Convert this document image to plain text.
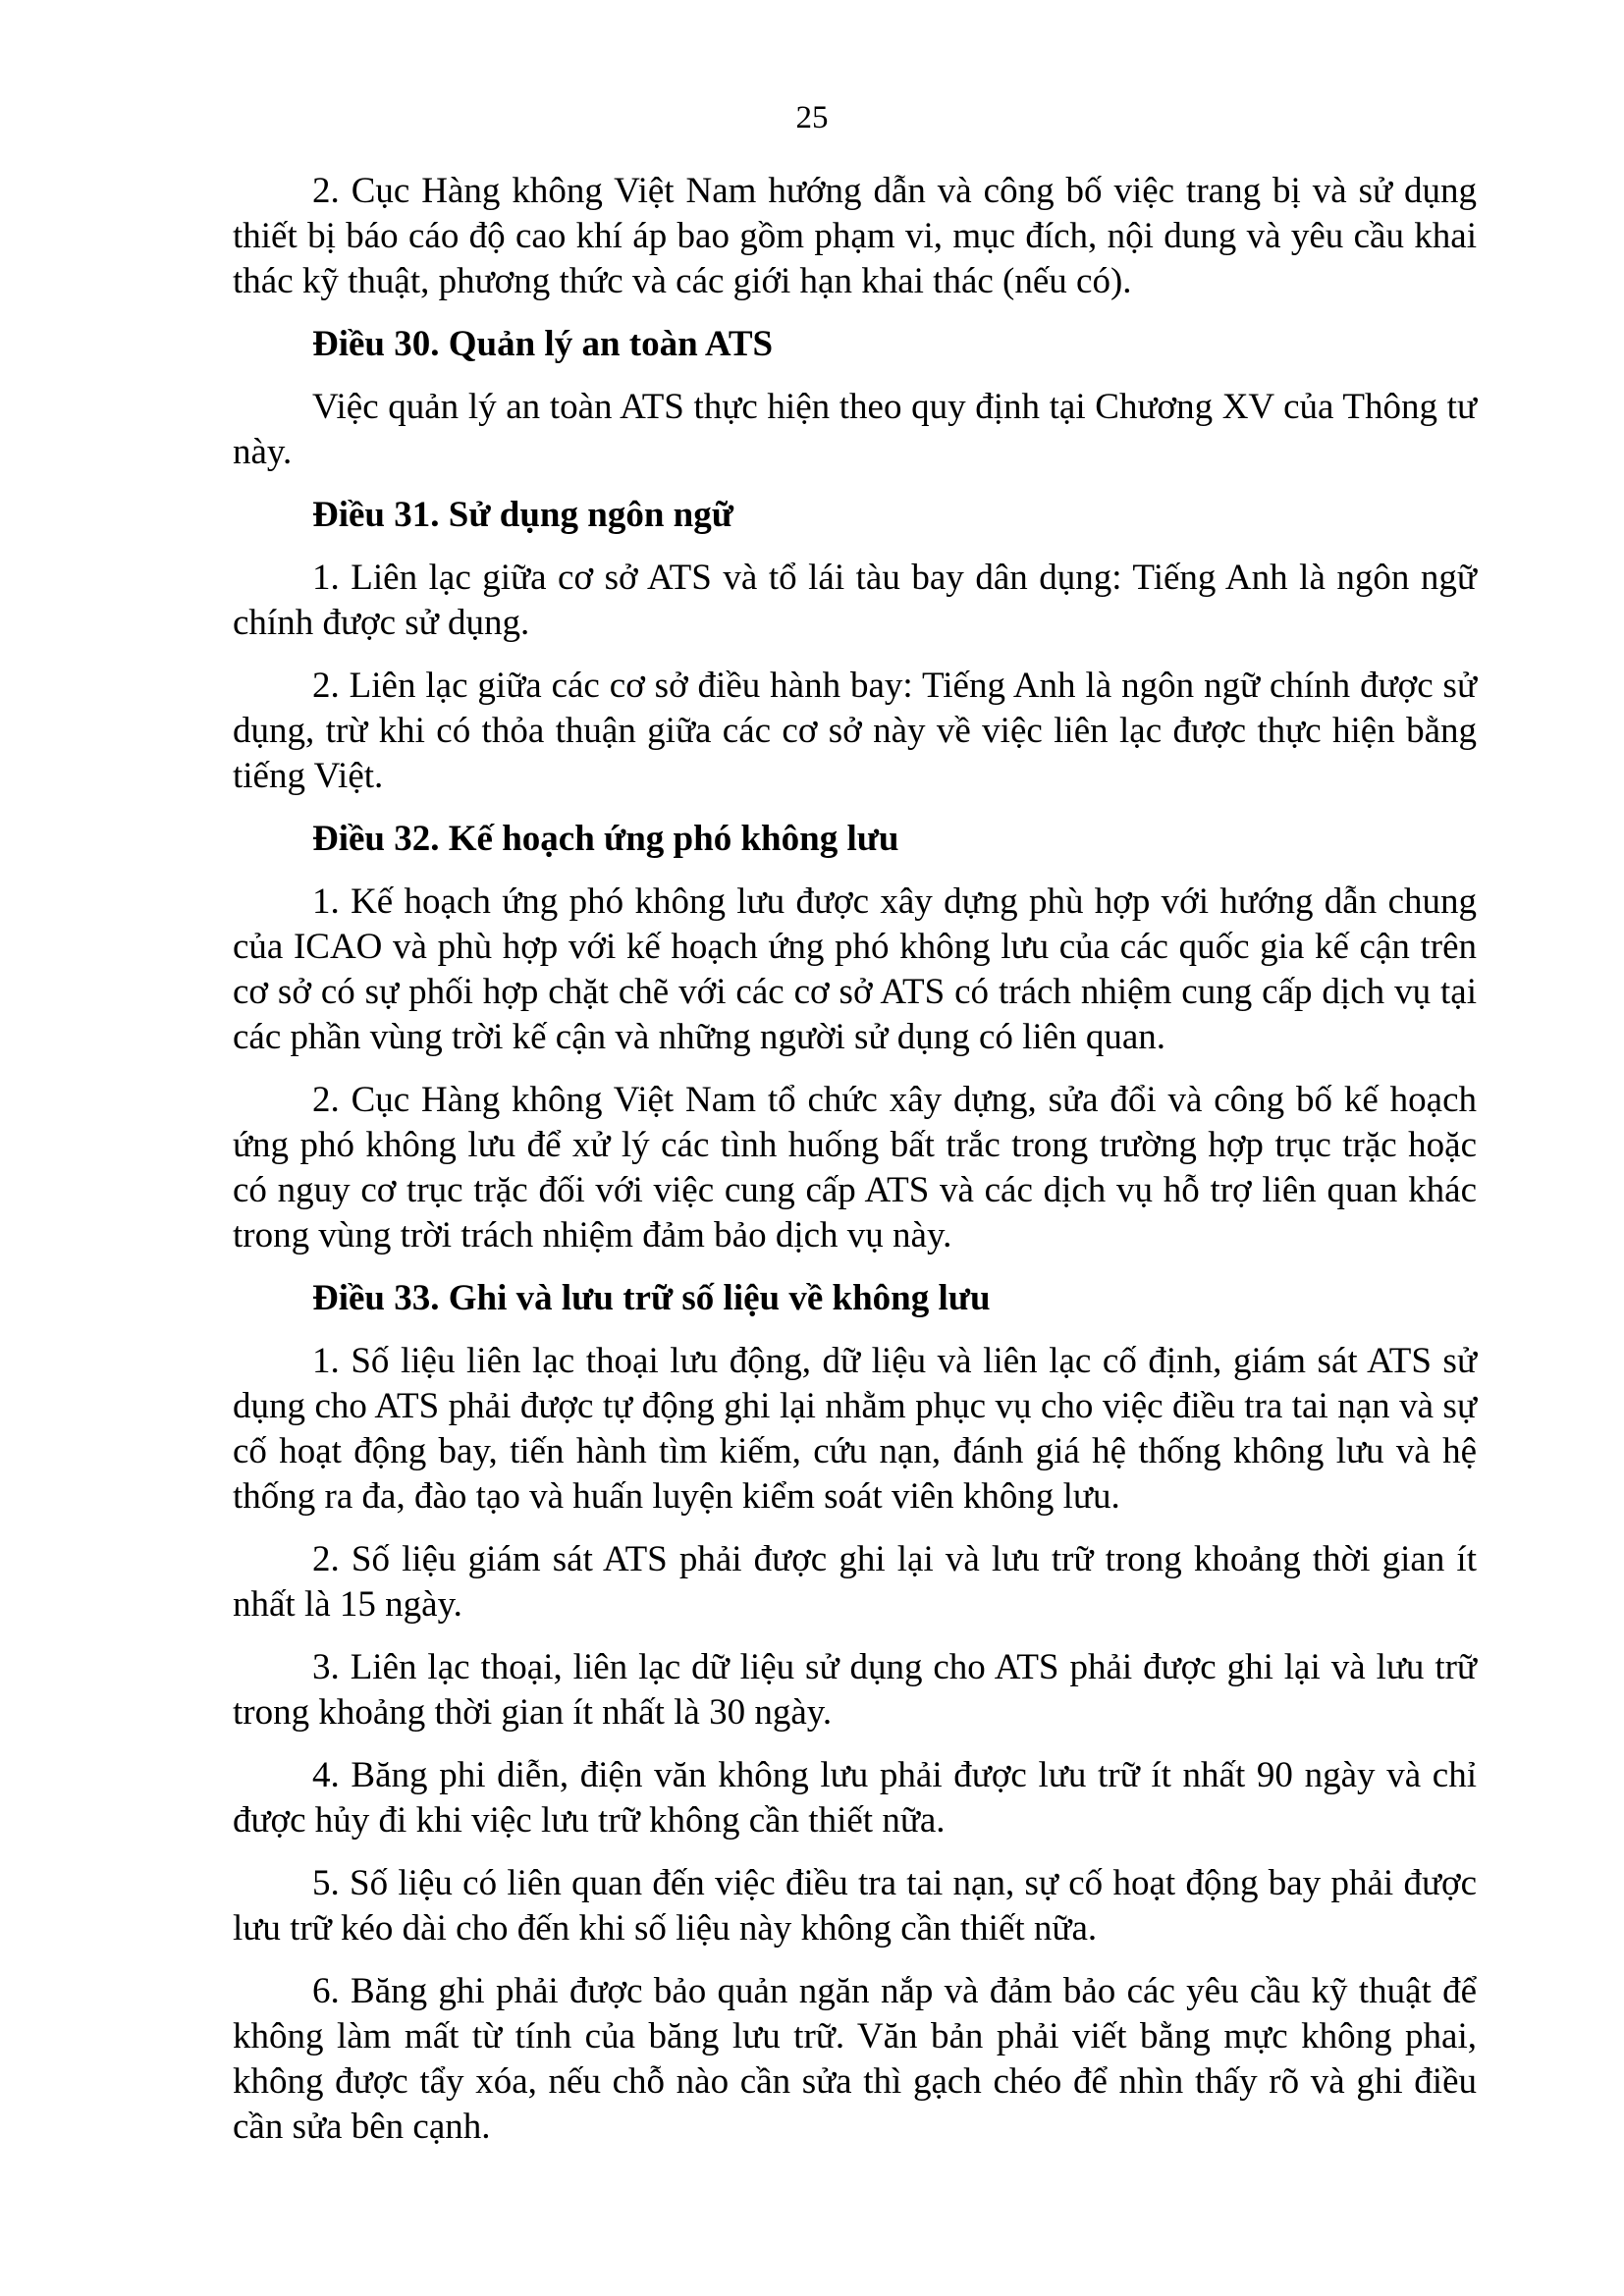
25

2. Cục Hàng không Việt Nam hướng dẫn và công bố việc trang bị và sử dụng thiết bị báo cáo độ cao khí áp bao gồm phạm vi, mục đích, nội dung và yêu cầu khai thác kỹ thuật, phương thức và các giới hạn khai thác (nếu có).

Điều 30. Quản lý an toàn ATS

Việc quản lý an toàn ATS thực hiện theo quy định tại Chương XV của Thông tư này.

Điều 31. Sử dụng ngôn ngữ

1. Liên lạc giữa cơ sở ATS và tổ lái tàu bay dân dụng: Tiếng Anh là ngôn ngữ chính được sử dụng.

2. Liên lạc giữa các cơ sở điều hành bay: Tiếng Anh là ngôn ngữ chính được sử dụng, trừ khi có thỏa thuận giữa các cơ sở này về việc liên lạc được thực hiện bằng tiếng Việt.

Điều 32. Kế hoạch ứng phó không lưu

1. Kế hoạch ứng phó không lưu được xây dựng phù hợp với hướng dẫn chung của ICAO và phù hợp với kế hoạch ứng phó không lưu của các quốc gia kế cận trên cơ sở có sự phối hợp chặt chẽ với các cơ sở ATS có trách nhiệm cung cấp dịch vụ tại các phần vùng trời kế cận và những người sử dụng có liên quan.

2. Cục Hàng không Việt Nam tổ chức xây dựng, sửa đổi và công bố kế hoạch ứng phó không lưu để xử lý các tình huống bất trắc trong trường hợp trục trặc hoặc có nguy cơ trục trặc đối với việc cung cấp ATS và các dịch vụ hỗ trợ liên quan khác trong vùng trời trách nhiệm đảm bảo dịch vụ này.

Điều 33. Ghi và lưu trữ số liệu về không lưu

1. Số liệu liên lạc thoại lưu động, dữ liệu và liên lạc cố định, giám sát ATS sử dụng cho ATS phải được tự động ghi lại nhằm phục vụ cho việc điều tra tai nạn và sự cố hoạt động bay, tiến hành tìm kiếm, cứu nạn, đánh giá hệ thống không lưu và hệ thống ra đa, đào tạo và huấn luyện kiểm soát viên không lưu.

2. Số liệu giám sát ATS phải được ghi lại và lưu trữ trong khoảng thời gian ít nhất là 15 ngày.

3. Liên lạc thoại, liên lạc dữ liệu sử dụng cho ATS phải được ghi lại và lưu trữ trong khoảng thời gian ít nhất là 30 ngày.

4. Băng phi diễn, điện văn không lưu phải được lưu trữ ít nhất 90 ngày và chỉ được hủy đi khi việc lưu trữ không cần thiết nữa.

5. Số liệu có liên quan đến việc điều tra tai nạn, sự cố hoạt động bay phải được lưu trữ kéo dài cho đến khi số liệu này không cần thiết nữa.

6. Băng ghi phải được bảo quản ngăn nắp và đảm bảo các yêu cầu kỹ thuật để không làm mất từ tính của băng lưu trữ. Văn bản phải viết bằng mực không phai, không được tẩy xóa, nếu chỗ nào cần sửa thì gạch chéo để nhìn thấy rõ và ghi điều cần sửa bên cạnh.
